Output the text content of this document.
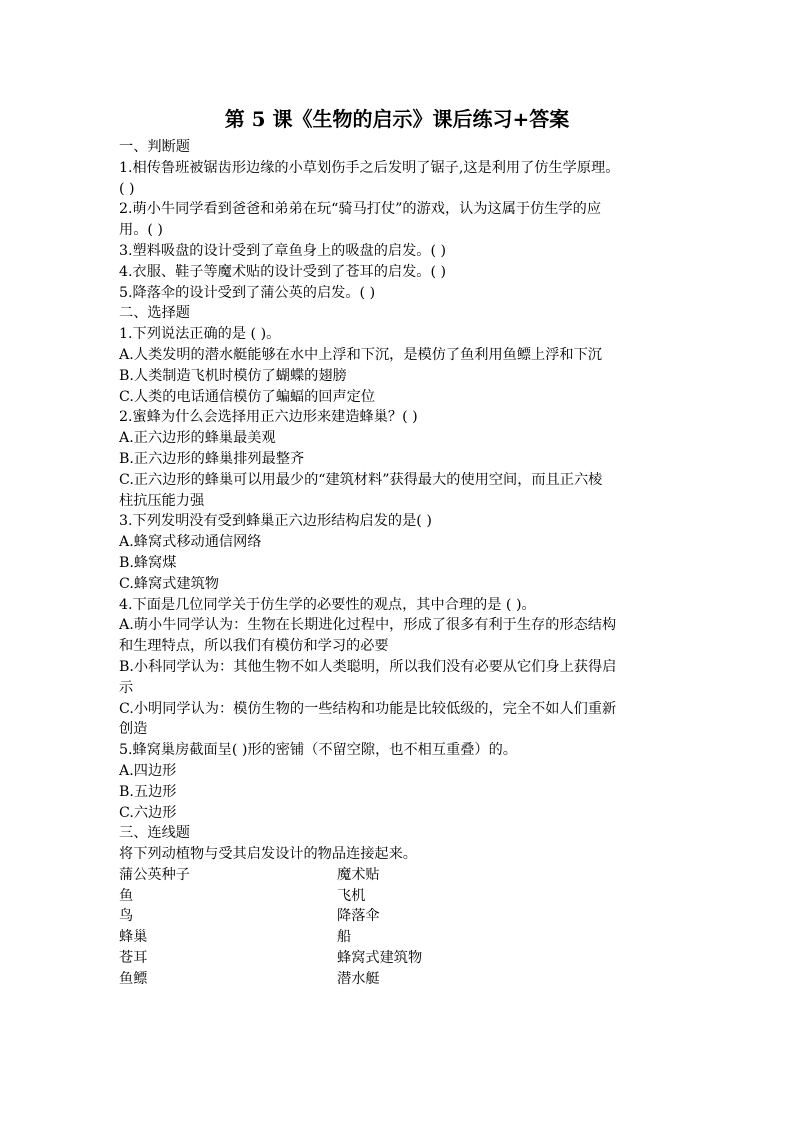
第 5 课《生物的启示》课后练习+答案
一、判断题
1.相传鲁班被锯齿形边缘的小草划伤手之后发明了锯子,这是利用了仿生学原理。
( )
2.萌小牛同学看到爸爸和弟弟在玩“骑马打仗”的游戏，认为这属于仿生学的应
用。( )
3.塑料吸盘的设计受到了章鱼身上的吸盘的启发。( )
4.衣服、鞋子等魔术贴的设计受到了苍耳的启发。( )
5.降落伞的设计受到了蒲公英的启发。( )
二、选择题
1.下列说法正确的是 ( )。
A.人类发明的潜水艇能够在水中上浮和下沉，是模仿了鱼利用鱼鳔上浮和下沉
B.人类制造飞机时模仿了蝴蝶的翅膀
C.人类的电话通信模仿了蝙蝠的回声定位
2.蜜蜂为什么会选择用正六边形来建造蜂巢？( )
A.正六边形的蜂巢最美观
B.正六边形的蜂巢排列最整齐
C.正六边形的蜂巢可以用最少的“建筑材料”获得最大的使用空间，而且正六棱
柱抗压能力强
3.下列发明没有受到蜂巢正六边形结构启发的是( )
A.蜂窝式移动通信网络
B.蜂窝煤
C.蜂窝式建筑物
4.下面是几位同学关于仿生学的必要性的观点，其中合理的是 ( )。
A.萌小牛同学认为：生物在长期进化过程中，形成了很多有利于生存的形态结构
和生理特点，所以我们有模仿和学习的必要
B.小科同学认为：其他生物不如人类聪明，所以我们没有必要从它们身上获得启
示
C.小明同学认为：模仿生物的一些结构和功能是比较低级的，完全不如人们重新
创造
5.蜂窝巢房截面呈( )形的密铺（不留空隙，也不相互重叠）的。
A.四边形
B.五边形
C.六边形
三、连线题
将下列动植物与受其启发设计的物品连接起来。
蒲公英种子	魔术贴
鱼	飞机
鸟	降落伞
蜂巢	船
苍耳	蜂窝式建筑物
鱼鳔	潜水艇
